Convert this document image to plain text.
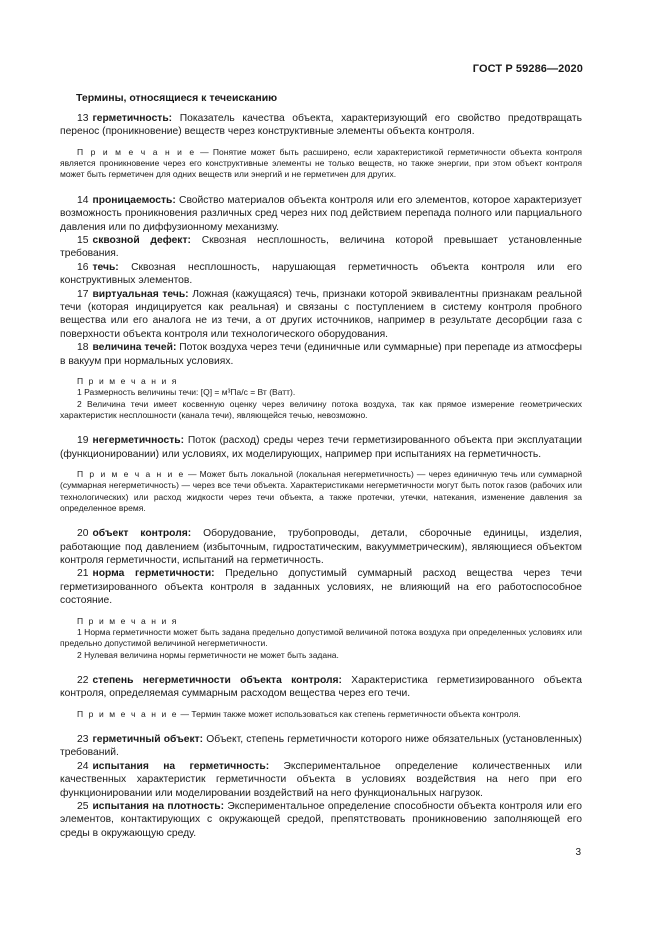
ГОСТ Р 59286—2020
Термины, относящиеся к течеисканию

13 герметичность: Показатель качества объекта, характеризующий его свойство предотвращать перенос (проникновение) веществ через конструктивные элементы объекта контроля.

П р и м е ч а н и е — Понятие может быть расширено, если характеристикой герметичности объекта контроля является проникновение через его конструктивные элементы не только веществ, но также энергии, при этом объект контроля может быть герметичен для одних веществ или энергий и не герметичен для других.

14 проницаемость: Свойство материалов объекта контроля или его элементов, которое характеризует возможность проникновения различных сред через них под действием перепада полного или парциального давления или по диффузионному механизму.

15 сквозной дефект: Сквозная несплошность, величина которой превышает установленные требования.

16 течь: Сквозная несплошность, нарушающая герметичность объекта контроля или его конструктивных элементов.

17 виртуальная течь: Ложная (кажущаяся) течь, признаки которой эквивалентны признакам реальной течи (которая индицируется как реальная) и связаны с поступлением в систему контроля пробного вещества или его аналога не из течи, а от других источников, например в результате десорбции газа с поверхности объекта контроля или технологического оборудования.

18 величина течей: Поток воздуха через течи (единичные или суммарные) при перепаде из атмосферы в вакуум при нормальных условиях.

П р и м е ч а н и я

1 Размерность величины течи: [Q] = м³Па/с = Вт (Ватт).

2 Величина течи имеет косвенную оценку через величину потока воздуха, так как прямое измерение геометрических характеристик несплошности (канала течи), являющейся течью, невозможно.

19 негерметичность: Поток (расход) среды через течи герметизированного объекта при эксплуатации (функционировании) или условиях, их моделирующих, например при испытаниях на герметичность.

П р и м е ч а н и е — Может быть локальной (локальная негерметичность) — через единичную течь или суммарной (суммарная негерметичность) — через все течи объекта. Характеристиками негерметичности могут быть поток газов (рабочих или технологических) или расход жидкости через течи объекта, а также протечки, утечки, натекания, изменение давления за определенное время.

20 объект контроля: Оборудование, трубопроводы, детали, сборочные единицы, изделия, работающие под давлением (избыточным, гидростатическим, вакуумметрическим), являющиеся объектом контроля герметичности, испытаний на герметичность.

21 норма герметичности: Предельно допустимый суммарный расход вещества через течи герметизированного объекта контроля в заданных условиях, не влияющий на его работоспособное состояние.

П р и м е ч а н и я

1 Норма герметичности может быть задана предельно допустимой величиной потока воздуха при определенных условиях или предельно допустимой величиной негерметичности.

2 Нулевая величина нормы герметичности не может быть задана.

22 степень негерметичности объекта контроля: Характеристика герметизированного объекта контроля, определяемая суммарным расходом вещества через его течи.

П р и м е ч а н и е — Термин также может использоваться как степень герметичности объекта контроля.

23 герметичный объект: Объект, степень герметичности которого ниже обязательных (установленных) требований.

24 испытания на герметичность: Экспериментальное определение количественных или качественных характеристик герметичности объекта в условиях воздействия на него при его функционировании или моделировании воздействий на него функциональных нагрузок.

25 испытания на плотность: Экспериментальное определение способности объекта контроля или его элементов, контактирующих с окружающей средой, препятствовать проникновению заполняющей его среды в окружающую среду.

3
